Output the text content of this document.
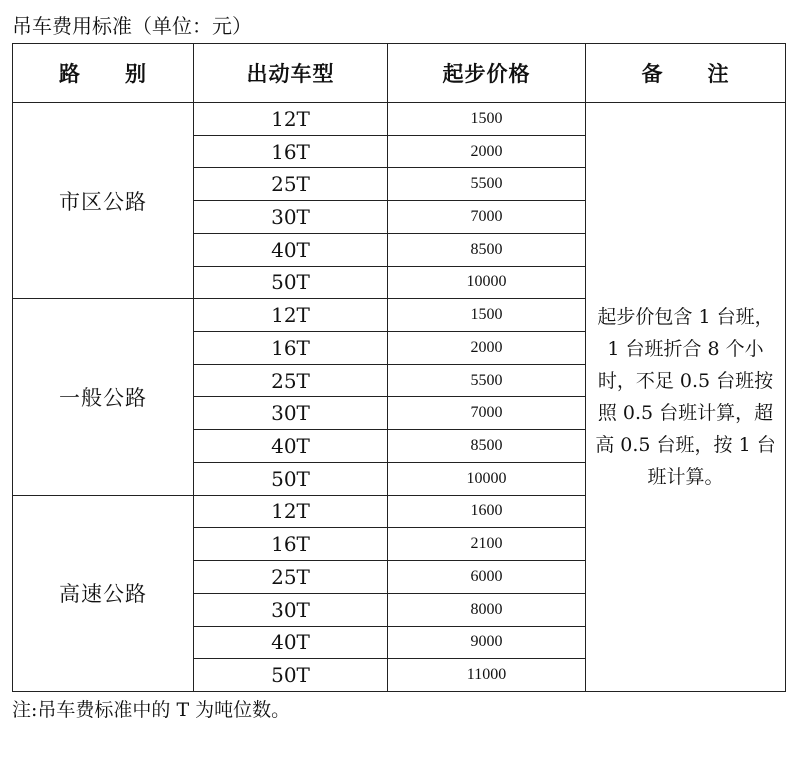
吊车费用标准（单位：元）
路　　别	出动车型	起步价格	备　　注
市区公路	12T	1500	起步价包含 1 台班，1 台班折合 8 个小时，不足 0.5 台班按照 0.5 台班计算，超高 0.5 台班，按 1 台班计算。
	16T	2000	
	25T	5500	
	30T	7000	
	40T	8500	
	50T	10000	
一般公路	12T	1500	
	16T	2000	
	25T	5500	
	30T	7000	
	40T	8500	
	50T	10000	
高速公路	12T	1600	
	16T	2100	
	25T	6000	
	30T	8000	
	40T	9000	
	50T	11000	
注:吊车费标准中的 T 为吨位数。
